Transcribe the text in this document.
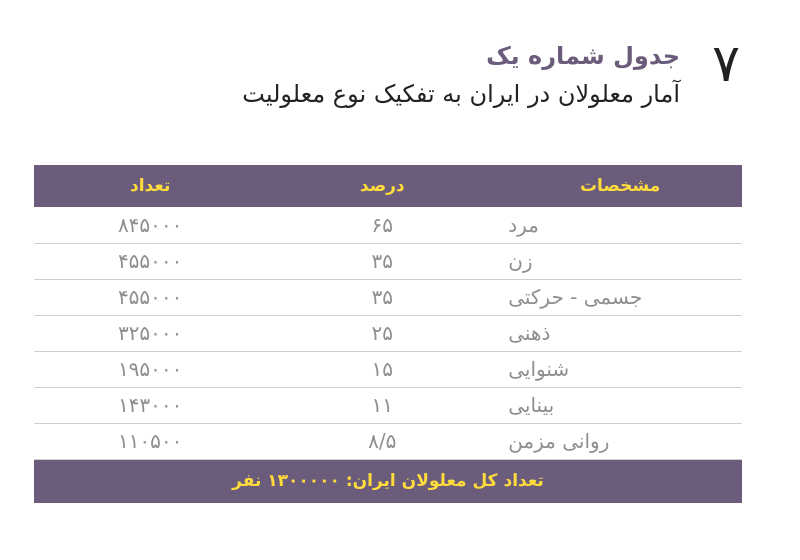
۷
جدول شماره یک
آمار معلولان در ایران به تفکیک نوع معلولیت
مشخصات	درصد	تعداد
مرد	۶۵	۸۴۵۰۰۰
زن	۳۵	۴۵۵۰۰۰
جسمی - حرکتی	۳۵	۴۵۵۰۰۰
ذهنی	۲۵	۳۲۵۰۰۰
شنوایی	۱۵	۱۹۵۰۰۰
بینایی	۱۱	۱۴۳۰۰۰
روانی مزمن	۸/۵	۱۱۰۵۰۰
تعداد کل معلولان ایران: ۱۳۰۰۰۰۰ نفر		
